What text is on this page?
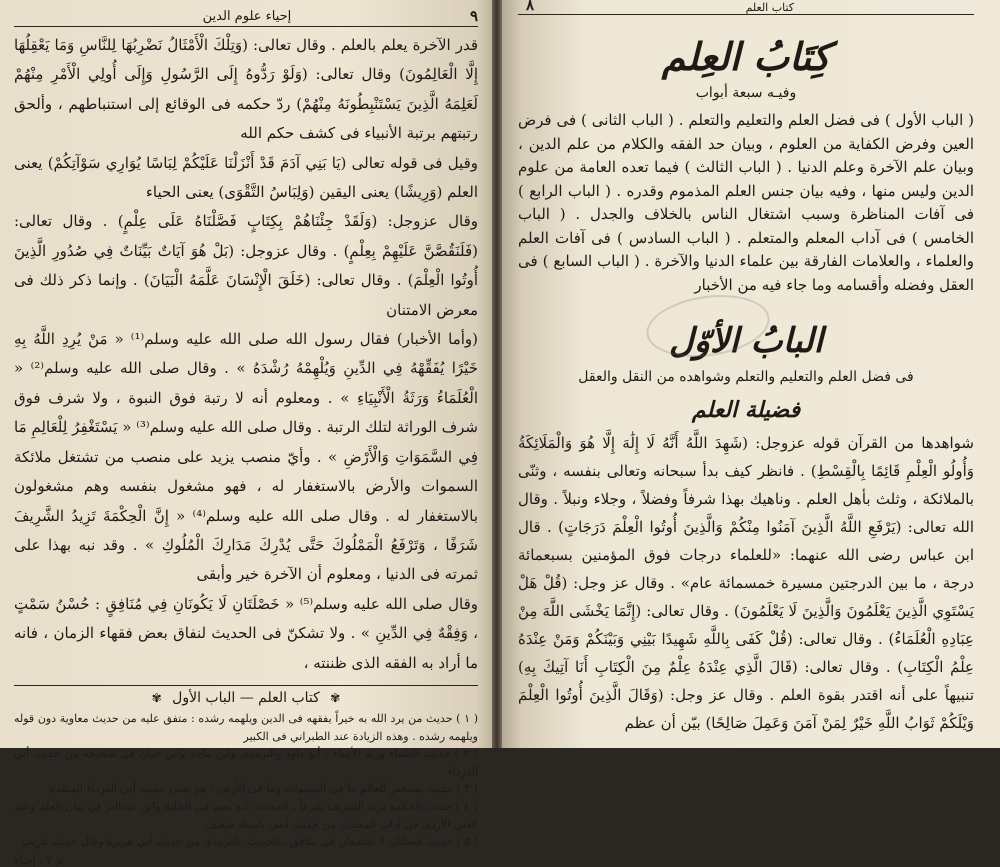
٩
إحياء علوم الدين

قدر الآخرة يعلم بالعلم . وقال تعالى: (وَتِلْكَ الْأَمْثَالُ نَضْرِبُهَا لِلنَّاسِ وَمَا يَعْقِلُهَا إِلَّا الْعَالِمُونَ) وقال تعالى: (وَلَوْ رَدُّوهُ إِلَى الرَّسُولِ وَإِلَى أُولِي الْأَمْرِ مِنْهُمْ لَعَلِمَهُ الَّذِينَ يَسْتَنْبِطُونَهُ مِنْهُمْ) ردّ حكمه فى الوقائع إلى استنباطهم ، وألحق رتبتهم برتبة الأنبياء فى كشف حكم الله

وقيل فى قوله تعالى (يَا بَنِي آدَمَ قَدْ أَنْزَلْنَا عَلَيْكُمْ لِبَاسًا يُوَارِي سَوْآتِكُمْ) يعنى العلم (وَرِيشًا) يعنى اليقين (وَلِبَاسُ التَّقْوَى) يعنى الحياء

وقال عزوجل: (وَلَقَدْ جِئْنَاهُمْ بِكِتَابٍ فَصَّلْنَاهُ عَلَى عِلْمٍ) . وقال تعالى: (فَلَنَقُصَّنَّ عَلَيْهِمْ بِعِلْمٍ) . وقال عزوجل: (بَلْ هُوَ آيَاتٌ بَيِّنَاتٌ فِي صُدُورِ الَّذِينَ أُوتُوا الْعِلْمَ) . وقال تعالى: (خَلَقَ الْإِنْسَانَ عَلَّمَهُ الْبَيَانَ) . وإنما ذكر ذلك فى معرض الامتنان

(وأما الأخبار) فقال رسول الله صلى الله عليه وسلم⁽¹⁾ « مَنْ يُرِدِ اللَّهُ بِهِ خَيْرًا يُفَقِّهْهُ فِي الدِّينِ وَيُلْهِمْهُ رُشْدَهُ » . وقال صلى الله عليه وسلم⁽²⁾ « الْعُلَمَاءُ وَرَثَةُ الْأَنْبِيَاءِ » . ومعلوم أنه لا رتبة فوق النبوة ، ولا شرف فوق شرف الوراثة لتلك الرتبة . وقال صلى الله عليه وسلم⁽³⁾ « يَسْتَغْفِرُ لِلْعَالِمِ مَا فِي السَّمَوَاتِ وَالْأَرْضِ » . وأيّ منصب يزيد على منصب من تشتغل ملائكة السموات والأرض بالاستغفار له ، فهو مشغول بنفسه وهم مشغولون بالاستغفار له . وقال صلى الله عليه وسلم⁽⁴⁾ « إِنَّ الْحِكْمَةَ تَزِيدُ الشَّرِيفَ شَرَفًا ، وَتَرْفَعُ الْمَمْلُوكَ حَتَّى يُدْرِكَ مَدَارِكَ الْمُلُوكِ » . وقد نبه بهذا على ثمرته فى الدنيا ، ومعلوم أن الآخرة خير وأبقى

وقال صلى الله عليه وسلم⁽⁵⁾ « خَصْلَتَانِ لَا يَكُونَانِ فِي مُنَافِقٍ : حُسْنُ سَمْتٍ ، وَفِقْهٌ فِي الدِّينِ » . ولا تشكنّ فى الحديث لنفاق بعض فقهاء الزمان ، فانه ما أراد به الفقه الذى ظننته ،

✾ كتاب العلم — الباب الأول ✾

( ١ ) حديث من يرد الله به خيراً يفقهه فى الدين ويلهمه رشده : متفق عليه من حديث معاوية دون قوله ويلهمه رشده . وهذه الزيادة عند الطبراني فى الكبير

( ٢ ) حديث العلماء ورثة الأنبياء : أبو داود والترمذي وابن ماجه وابن حبان فى صحيحه من حديث أبي الدرداء

( ٣ ) حديث يستغفر للعالم ما فى السموات وما فى الأرض : هو بعض حديث أبي الدرداء المتقدم

( ٤ ) حديث الحكمة تزيد الشريف شرفاً ـ الحديث: أبو نعيم فى الحلية وابن عبدالبر فى بيان العلم وعبد الغنى الأزدى فى آداب المحدث من حديث أنس باسناد ضعيف

( ٥ ) حديث خصلتان لا تجتمعان فى منافق ـ الحديث: الترمذي من حديث أبي هريرة وقال حديث غريب

م ٢ - إحياء
كتاب العلم
٨
كِتَابُ العِلم
وفيـه سبعة أبواب

( الباب الأول ) فى فضل العلم والتعليم والتعلم . ( الباب الثانى ) فى فرض العين وفرض الكفاية من العلوم ، وبيان حد الفقه والكلام من علم الدين ، وبيان علم الآخرة وعلم الدنيا . ( الباب الثالث ) فيما تعده العامة من علوم الدين وليس منها ، وفيه بيان جنس العلم المذموم وقدره . ( الباب الرابع ) فى آفات المناظرة وسبب اشتغال الناس بالخلاف والجدل . ( الباب الخامس ) فى آداب المعلم والمتعلم . ( الباب السادس ) فى آفات العلم والعلماء ، والعلامات الفارقة بين علماء الدنيا والآخرة . ( الباب السابع ) فى العقل وفضله وأقسامه وما جاء فيه من الأخبار

البابُ الأوّل
فى فضل العلم والتعليم والتعلم وشواهده من النقل والعقل
فضيلة العلم

شواهدها من القرآن قوله عزوجل: (شَهِدَ اللَّهُ أَنَّهُ لَا إِلَٰهَ إِلَّا هُوَ وَالْمَلَائِكَةُ وَأُولُو الْعِلْمِ قَائِمًا بِالْقِسْطِ) . فانظر كيف بدأ سبحانه وتعالى بنفسه ، وثنّى بالملائكة ، وثلث بأهل العلم . وناهيك بهذا شرفاً وفضلاً ، وجلاء ونبلاً . وقال الله تعالى: (يَرْفَعِ اللَّهُ الَّذِينَ آمَنُوا مِنْكُمْ وَالَّذِينَ أُوتُوا الْعِلْمَ دَرَجَاتٍ) . قال ابن عباس رضى الله عنهما: «للعلماء درجات فوق المؤمنين بسبعمائة درجة ، ما بين الدرجتين مسيرة خمسمائة عام» . وقال عز وجل: (قُلْ هَلْ يَسْتَوِي الَّذِينَ يَعْلَمُونَ وَالَّذِينَ لَا يَعْلَمُونَ) . وقال تعالى: (إِنَّمَا يَخْشَى اللَّهَ مِنْ عِبَادِهِ الْعُلَمَاءُ) . وقال تعالى: (قُلْ كَفَى بِاللَّهِ شَهِيدًا بَيْنِي وَبَيْنَكُمْ وَمَنْ عِنْدَهُ عِلْمُ الْكِتَابِ) . وقال تعالى: (قَالَ الَّذِي عِنْدَهُ عِلْمٌ مِنَ الْكِتَابِ أَنَا آتِيكَ بِهِ) تنبيهاً على أنه اقتدر بقوة العلم . وقال عز وجل: (وَقَالَ الَّذِينَ أُوتُوا الْعِلْمَ وَيْلَكُمْ ثَوَابُ اللَّهِ خَيْرٌ لِمَنْ آمَنَ وَعَمِلَ صَالِحًا) بيّن أن عظم
